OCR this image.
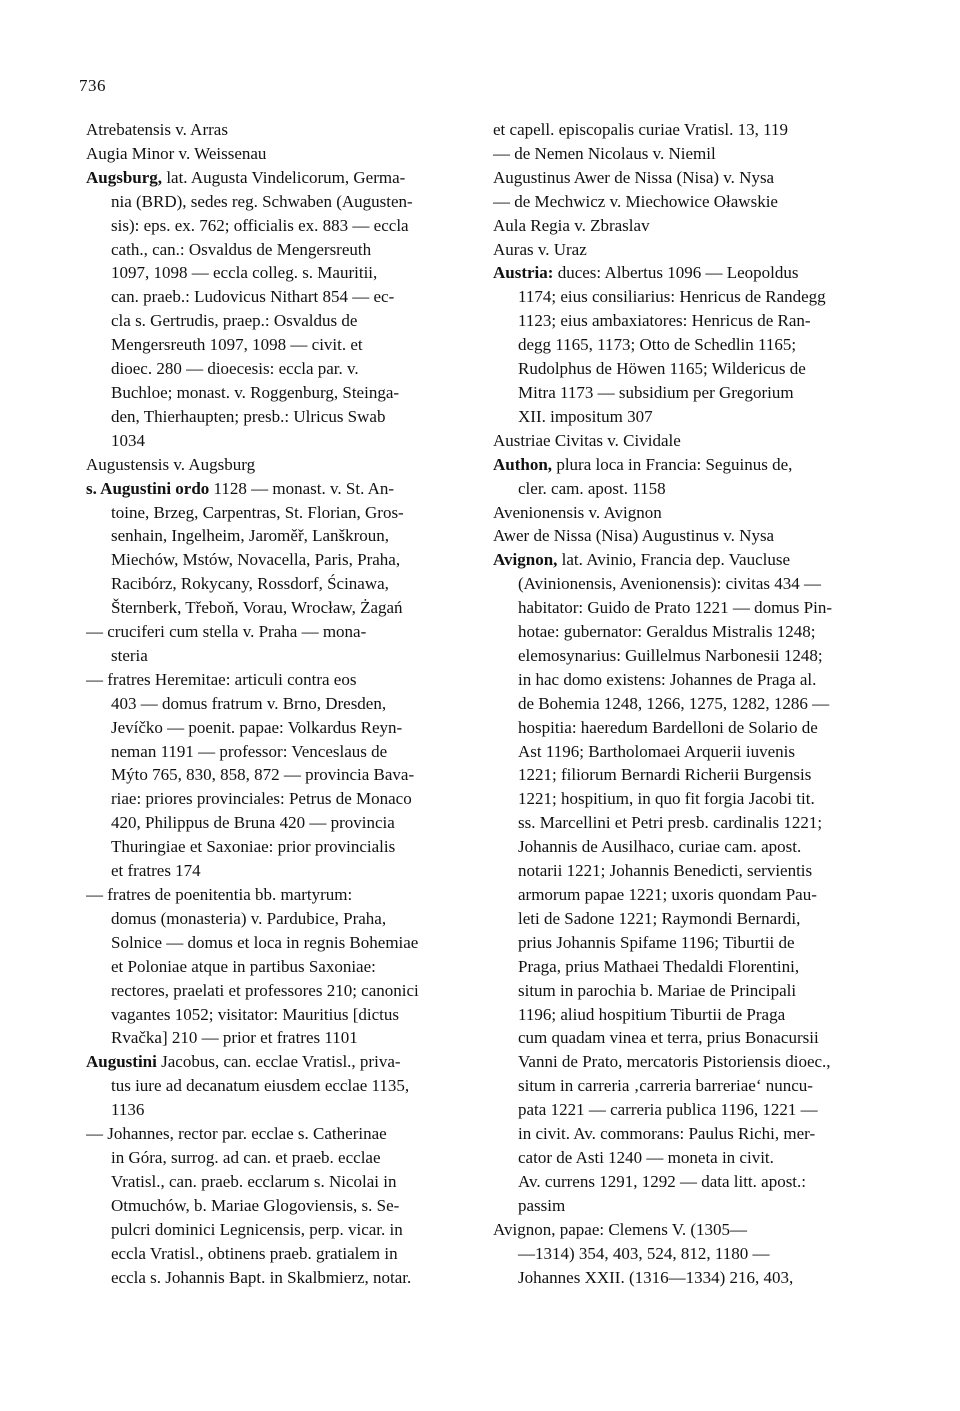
736

Atrebatensis v. Arras

Augia Minor v. Weissenau

Augsburg, lat. Augusta Vindelicorum, Germa-
nia (BRD), sedes reg. Schwaben (Augusten-
sis): eps. ex. 762; officialis ex. 883 — eccla
cath., can.: Osvaldus de Mengersreuth
1097, 1098 — eccla colleg. s. Mauritii,
can. praeb.: Ludovicus Nithart 854 — ec-
cla s. Gertrudis, praep.: Osvaldus de
Mengersreuth 1097, 1098 — civit. et
dioec. 280 — dioecesis: eccla par. v.
Buchloe; monast. v. Roggenburg, Steinga-
den, Thierhaupten; presb.: Ulricus Swab
1034

Augustensis v. Augsburg

s. Augustini ordo 1128 — monast. v. St. An-
toine, Brzeg, Carpentras, St. Florian, Gros-
senhain, Ingelheim, Jaroměř, Lanškroun,
Miechów, Mstów, Novacella, Paris, Praha,
Racibórz, Rokycany, Rossdorf, Ścinawa,
Šternberk, Třeboň, Vorau, Wrocław, Żagań

— cruciferi cum stella v. Praha — mona-
steria

— fratres Heremitae: articuli contra eos
403 — domus fratrum v. Brno, Dresden,
Jevíčko — poenit. papae: Volkardus Reyn-
neman 1191 — professor: Venceslaus de
Mýto 765, 830, 858, 872 — provincia Bava-
riae: priores provinciales: Petrus de Monaco
420, Philippus de Bruna 420 — provincia
Thuringiae et Saxoniae: prior provincialis
et fratres 174

— fratres de poenitentia bb. martyrum:
domus (monasteria) v. Pardubice, Praha,
Solnice — domus et loca in regnis Bohemiae
et Poloniae atque in partibus Saxoniae:
rectores, praelati et professores 210; canonici
vagantes 1052; visitator: Mauritius [dictus
Rvačka] 210 — prior et fratres 1101

Augustini Jacobus, can. ecclae Vratisl., priva-
tus iure ad decanatum eiusdem ecclae 1135,
1136

— Johannes, rector par. ecclae s. Catherinae
in Góra, surrog. ad can. et praeb. ecclae
Vratisl., can. praeb. ecclarum s. Nicolai in
Otmuchów, b. Mariae Glogoviensis, s. Se-
pulcri dominici Legnicensis, perp. vicar. in
eccla Vratisl., obtinens praeb. gratialem in
eccla s. Johannis Bapt. in Skalbmierz, notar.

et capell. episcopalis curiae Vratisl. 13, 119

— de Nemen Nicolaus v. Niemil

Augustinus Awer de Nissa (Nisa) v. Nysa

— de Mechwicz v. Miechowice Oławskie

Aula Regia v. Zbraslav

Auras v. Uraz

Austria: duces: Albertus 1096 — Leopoldus
1174; eius consiliarius: Henricus de Randegg
1123; eius ambaxiatores: Henricus de Ran-
degg 1165, 1173; Otto de Schedlin 1165;
Rudolphus de Höwen 1165; Wildericus de
Mitra 1173 — subsidium per Gregorium
XII. impositum 307

Austriae Civitas v. Cividale

Authon, plura loca in Francia: Seguinus de,
cler. cam. apost. 1158

Avenionensis v. Avignon

Awer de Nissa (Nisa) Augustinus v. Nysa

Avignon, lat. Avinio, Francia dep. Vaucluse
(Avinionensis, Avenionensis): civitas 434 —
habitator: Guido de Prato 1221 — domus Pin-
hotae: gubernator: Geraldus Mistralis 1248;
elemosynarius: Guillelmus Narbonesii 1248;
in hac domo existens: Johannes de Praga al.
de Bohemia 1248, 1266, 1275, 1282, 1286 —
hospitia: haeredum Bardelloni de Solario de
Ast 1196; Bartholomaei Arquerii iuvenis
1221; filiorum Bernardi Richerii Burgensis
1221; hospitium, in quo fit forgia Jacobi tit.
ss. Marcellini et Petri presb. cardinalis 1221;
Johannis de Ausilhaco, curiae cam. apost.
notarii 1221; Johannis Benedicti, servientis
armorum papae 1221; uxoris quondam Pau-
leti de Sadone 1221; Raymondi Bernardi,
prius Johannis Spifame 1196; Tiburtii de
Praga, prius Mathaei Thedaldi Florentini,
situm in parochia b. Mariae de Principali
1196; aliud hospitium Tiburtii de Praga
cum quadam vinea et terra, prius Bonacursii
Vanni de Prato, mercatoris Pistoriensis dioec.,
situm in carreria ‚carreria barreriae‘ nuncu-
pata 1221 — carreria publica 1196, 1221 —
in civit. Av. commorans: Paulus Richi, mer-
cator de Asti 1240 — moneta in civit.
Av. currens 1291, 1292 — data litt. apost.:
passim

Avignon, papae: Clemens V. (1305—
—1314) 354, 403, 524, 812, 1180 —
Johannes XXII. (1316—1334) 216, 403,
